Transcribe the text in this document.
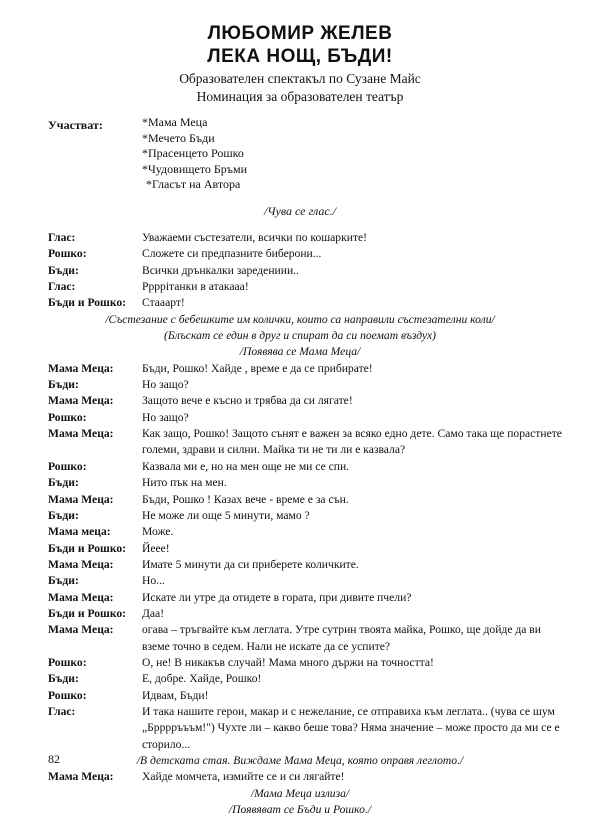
ЛЮБОМИР ЖЕЛЕВ
ЛЕКА НОЩ, БЪДИ!
Образователен спектакъл по Сузане Майс
Номинация за образователен театър
Участват:	*Мама Меца
*Мечето Бъди
*Прасенцето Рошко
*Чудовището Бръми
*Гласът на Автора
/Чува се глас./
Глас:	Уважаеми състезатели, всички по кошарките!
Рошко:	Сложете си предпазните биберони...
Бъди:	Всички дрънкалки заредениии..
Глас:	Ррррітанки в атакааа!
Бъди и Рошко:	Стааарт!
/Състезание с бебешките им колички, които са направили състезателни коли/
(Блъскат се един в друг и спират да си поемат въздух)
/Появява се Мама Меца/
Мама Меца:	Бъди, Рошко! Хайде , време е да се прибирате!
Бъди:	Но защо?
Мама Меца:	Защото вече е късно и трябва да си лягате!
Рошко:	Но защо?
Мама Меца:	Как защо, Рошко! Защото сънят е важен за всяко едно дете. Само така ще порастнете големи, здрави и силни. Майка ти не ти ли е казвала?
Рошко:	Казвала ми е, но на мен още не ми се спи.
Бъди:	Нито пък на мен.
Мама Меца:	Бъди, Рошко ! Казах вече - време е за сън.
Бъди:	Не може ли още 5 минути, мамо ?
Мама меца:	Може.
Бъди и Рошко:	Йеее!
Мама Меца:	Имате 5 минути да си приберете количките.
Бъди:	Но...
Мама Меца:	Искате ли утре да отидете в гората, при дивите пчели?
Бъди и Рошко:	Даа!
Мама Меца:	огава – тръгвайте към леглата. Утре сутрин твоята майка, Рошко, ще дойде да ви вземе точно в седем. Нали не искате да се успите?
Рошко:	О, не! В никакъв случай! Мама много държи на точността!
Бъди:	Е, добре. Хайде, Рошко!
Рошко:	Идвам, Бъди!
Глас:	И така нашите герои, макар и с нежелание, се отправиха към леглата.. (чува се шум „Брррръъъм!") Чухте ли – какво беше това? Няма значение – може просто да ми се е сторило...
/В детската стая. Виждаме Мама Меца, която оправя леглото./
Мама Меца:	Хайде момчета, измийте се и си лягайте!
/Мама Меца излиза/
/Появяват се Бъди и Рошко./
82
